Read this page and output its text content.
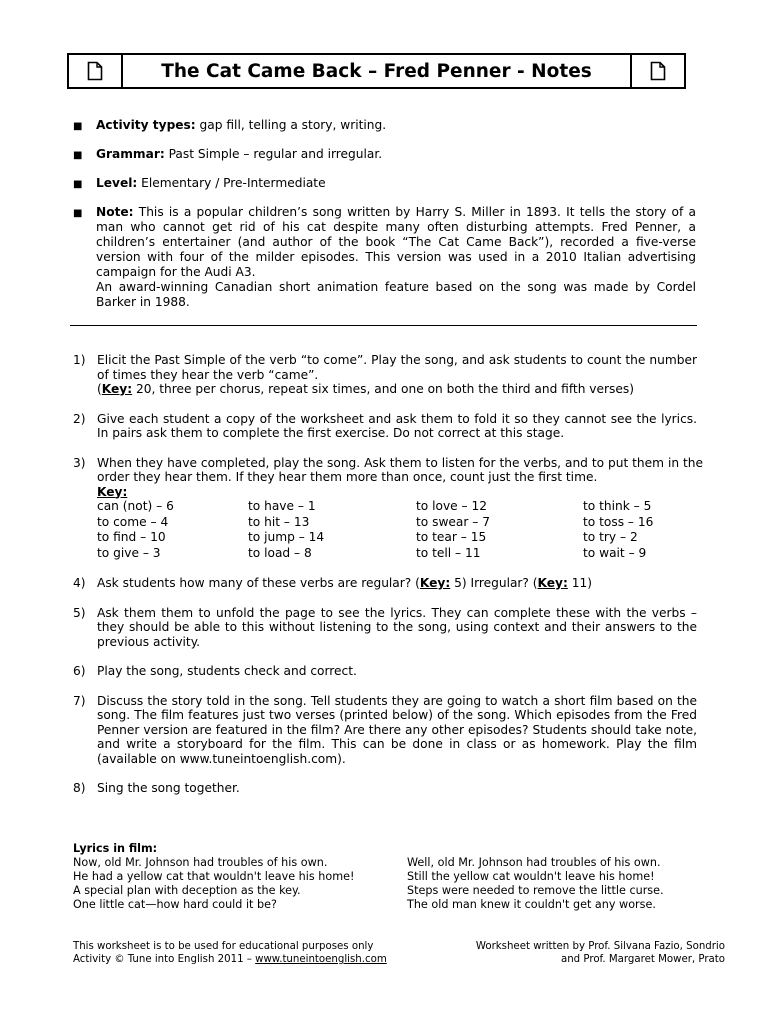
The Cat Came Back – Fred Penner - Notes
■	Activity types: gap fill, telling a story, writing.
■	Grammar: Past Simple – regular and irregular.
■	Level: Elementary / Pre-Intermediate
■	Note: This is a popular children’s song written by Harry S. Miller in 1893. It tells the story of a man who cannot get rid of his cat despite many often disturbing attempts. Fred Penner, a children’s entertainer (and author of the book “The Cat Came Back”), recorded a five-verse version with four of the milder episodes. This version was used in a 2010 Italian advertising campaign for the Audi A3.

An award-winning Canadian short animation feature based on the song was made by Cordel Barker in 1988.

1) Elicit the Past Simple of the verb “to come”. Play the song, and ask students to count the number of times they hear the verb “came”.
(Key: 20, three per chorus, repeat six times, and one on both the third and fifth verses)
2) Give each student a copy of the worksheet and ask them to fold it so they cannot see the lyrics. In pairs ask them to complete the first exercise. Do not correct at this stage.
3) When they have completed, play the song. Ask them to listen for the verbs, and to put them in the order they hear them. If they hear them more than once, count just the first time.
Key:
can (not) – 6	to have – 1	to love – 12	to think – 5
to come – 4	to hit – 13	to swear – 7	to toss – 16
to find – 10	to jump – 14	to tear – 15	to try – 2
to give – 3	to load – 8	to tell – 11	to wait – 9
4) Ask students how many of these verbs are regular? (Key: 5) Irregular? (Key: 11)
5) Ask them them to unfold the page to see the lyrics. They can complete these with the verbs – they should be able to this without listening to the song, using context and their answers to the previous activity.
6) Play the song, students check and correct.
7) Discuss the story told in the song. Tell students they are going to watch a short film based on the song. The film features just two verses (printed below) of the song. Which episodes from the Fred Penner version are featured in the film? Are there any other episodes? Students should take note, and write a storyboard for the film. This can be done in class or as homework. Play the film (available on www.tuneintoenglish.com).
8) Sing the song together.
Lyrics in film:
Now, old Mr. Johnson had troubles of his own.
He had a yellow cat that wouldn't leave his home!
A special plan with deception as the key.
One little cat—how hard could it be?
Well, old Mr. Johnson had troubles of his own.
Still the yellow cat wouldn't leave his home!
Steps were needed to remove the little curse.
The old man knew it couldn't get any worse.
This worksheet is to be used for educational purposes only
Activity © Tune into English 2011 – www.tuneintoenglish.com
Worksheet written by Prof. Silvana Fazio, Sondrio
and Prof. Margaret Mower, Prato
